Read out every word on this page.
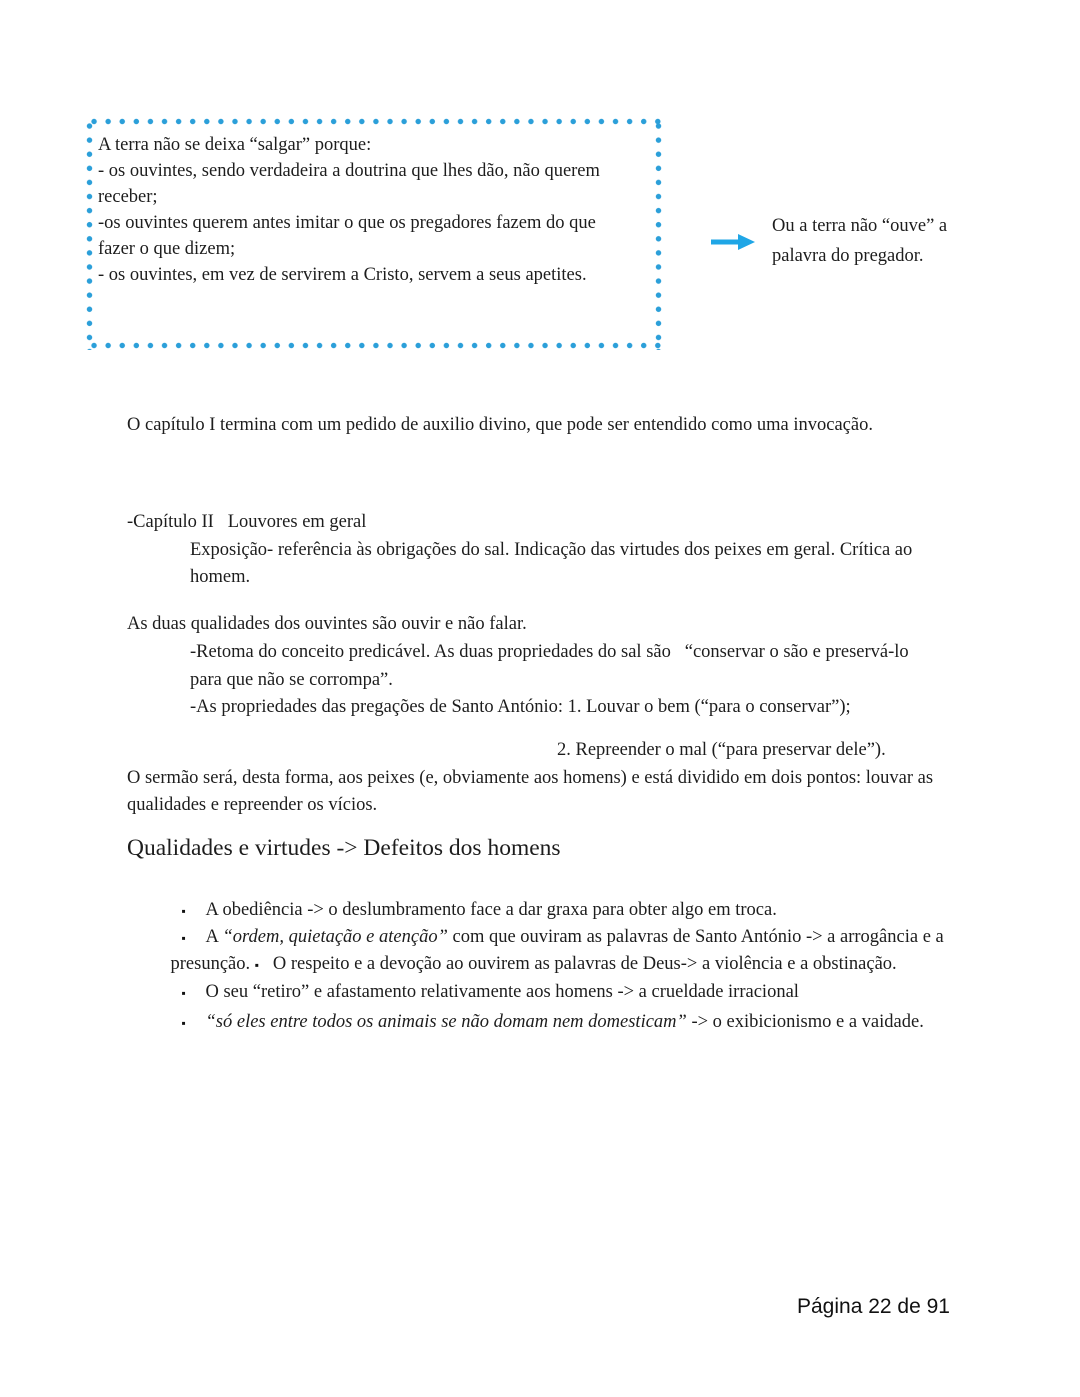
A terra não se deixa “salgar” porque:
- os ouvintes, sendo verdadeira a doutrina que lhes dão, não querem
receber;
-os ouvintes querem antes imitar o que os pregadores fazem do que
fazer o que dizem;
- os ouvintes, em vez de servirem a Cristo, servem a seus apetites.
Ou a terra não “ouve” a
palavra do pregador.
O capítulo I termina com um pedido de auxilio divino, que pode ser entendido como uma invocação.
-Capítulo II   Louvores em geral
Exposição- referência às obrigações do sal. Indicação das virtudes dos peixes em geral. Crítica ao
homem.
As duas qualidades dos ouvintes são ouvir e não falar.
-Retoma do conceito predicável. As duas propriedades do sal são   “conservar o são e preservá-lo
para que não se corrompa”.
-As propriedades das pregações de Santo António: 1. Louvar o bem (“para o conservar”);
2. Repreender o mal (“para preservar dele”).
O sermão será, desta forma, aos peixes (e, obviamente aos homens) e está dividido em dois pontos: louvar as
qualidades e repreender os vícios.
Qualidades e virtudes -> Defeitos dos homens

▪ A obediência -> o deslumbramento face a dar graxa para obter algo em troca.

▪ A “ordem, quietação e atenção” com que ouviram as palavras de Santo António -> a arrogância e a

presunção. ▪   O respeito e a devoção ao ouvirem as palavras de Deus-> a violência e a obstinação.

▪ O seu “retiro” e afastamento relativamente aos homens -> a crueldade irracional

▪ “só eles entre todos os animais se não domam nem domesticam” -> o exibicionismo e a vaidade.

Página 22 de 91
